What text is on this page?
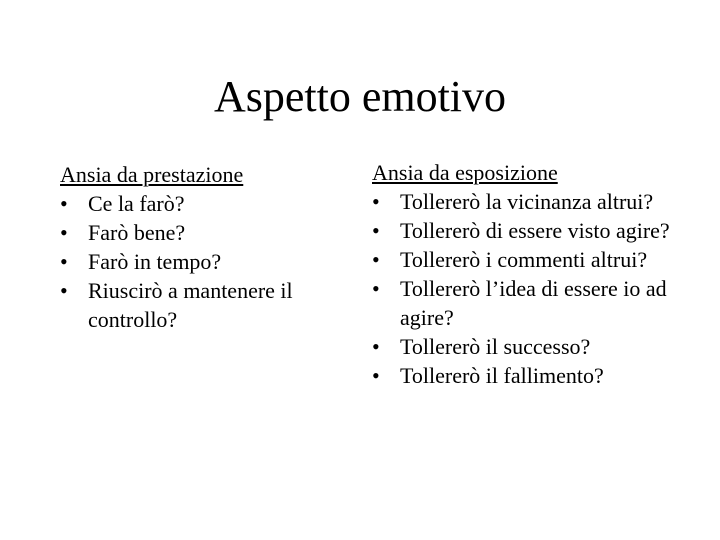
Aspetto emotivo
Ansia da prestazione
• Ce la farò?
• Farò bene?
• Farò in tempo?
• Riuscirò a mantenere il controllo?
Ansia da esposizione
• Tollererò la vicinanza altrui?
• Tollererò di essere visto agire?
• Tollererò i commenti altrui?
• Tollererò l’idea di essere io ad agire?
• Tollererò il successo?
• Tollererò il fallimento?
